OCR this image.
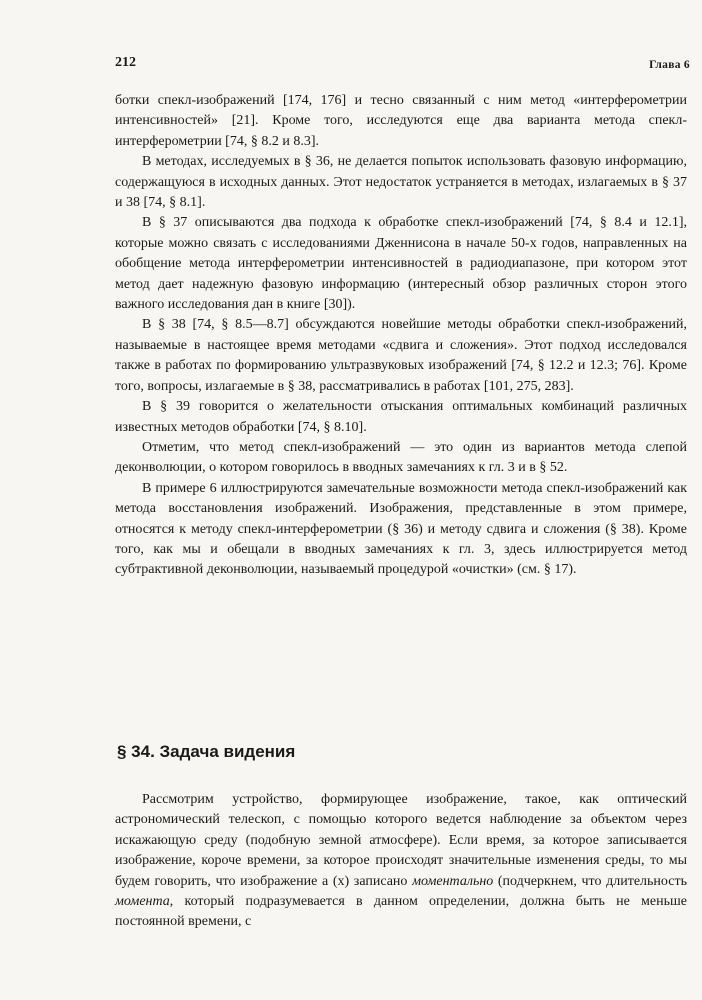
212	Глава 6

ботки спекл-изображений [174, 176] и тесно связанный с ним метод «интерферометрии интенсивностей» [21]. Кроме того, исследуются еще два варианта метода спекл-интерферометрии [74, § 8.2 и 8.3].

В методах, исследуемых в § 36, не делается попыток использовать фазовую информацию, содержащуюся в исходных данных. Этот недостаток устраняется в методах, излагаемых в § 37 и 38 [74, § 8.1].

В § 37 описываются два подхода к обработке спекл-изображений [74, § 8.4 и 12.1], которые можно связать с исследованиями Дженнисона в начале 50-х годов, направленных на обобщение метода интерферометрии интенсивностей в радиодиапазоне, при котором этот метод дает надежную фазовую информацию (интересный обзор различных сторон этого важного исследования дан в книге [30]).

В § 38 [74, § 8.5—8.7] обсуждаются новейшие методы обработки спекл-изображений, называемые в настоящее время методами «сдвига и сложения». Этот подход исследовался также в работах по формированию ультразвуковых изображений [74, § 12.2 и 12.3; 76]. Кроме того, вопросы, излагаемые в § 38, рассматривались в работах [101, 275, 283].

В § 39 говорится о желательности отыскания оптимальных комбинаций различных известных методов обработки [74, § 8.10].

Отметим, что метод спекл-изображений — это один из вариантов метода слепой деконволюции, о котором говорилось в вводных замечаниях к гл. 3 и в § 52.

В примере 6 иллюстрируются замечательные возможности метода спекл-изображений как метода восстановления изображений. Изображения, представленные в этом примере, относятся к методу спекл-интерферометрии (§ 36) и методу сдвига и сложения (§ 38). Кроме того, как мы и обещали в вводных замечаниях к гл. 3, здесь иллюстрируется метод субтрактивной деконволюции, называемый процедурой «очистки» (см. § 17).

§ 34. Задача видения

Рассмотрим устройство, формирующее изображение, такое, как оптический астрономический телескоп, с помощью которого ведется наблюдение за объектом через искажающую среду (подобную земной атмосфере). Если время, за которое записывается изображение, короче времени, за которое происходят значительные изменения среды, то мы будем говорить, что изображение a (x) записано моментально (подчеркнем, что длительность момента, который подразумевается в данном определении, должна быть не меньше постоянной времени, с
